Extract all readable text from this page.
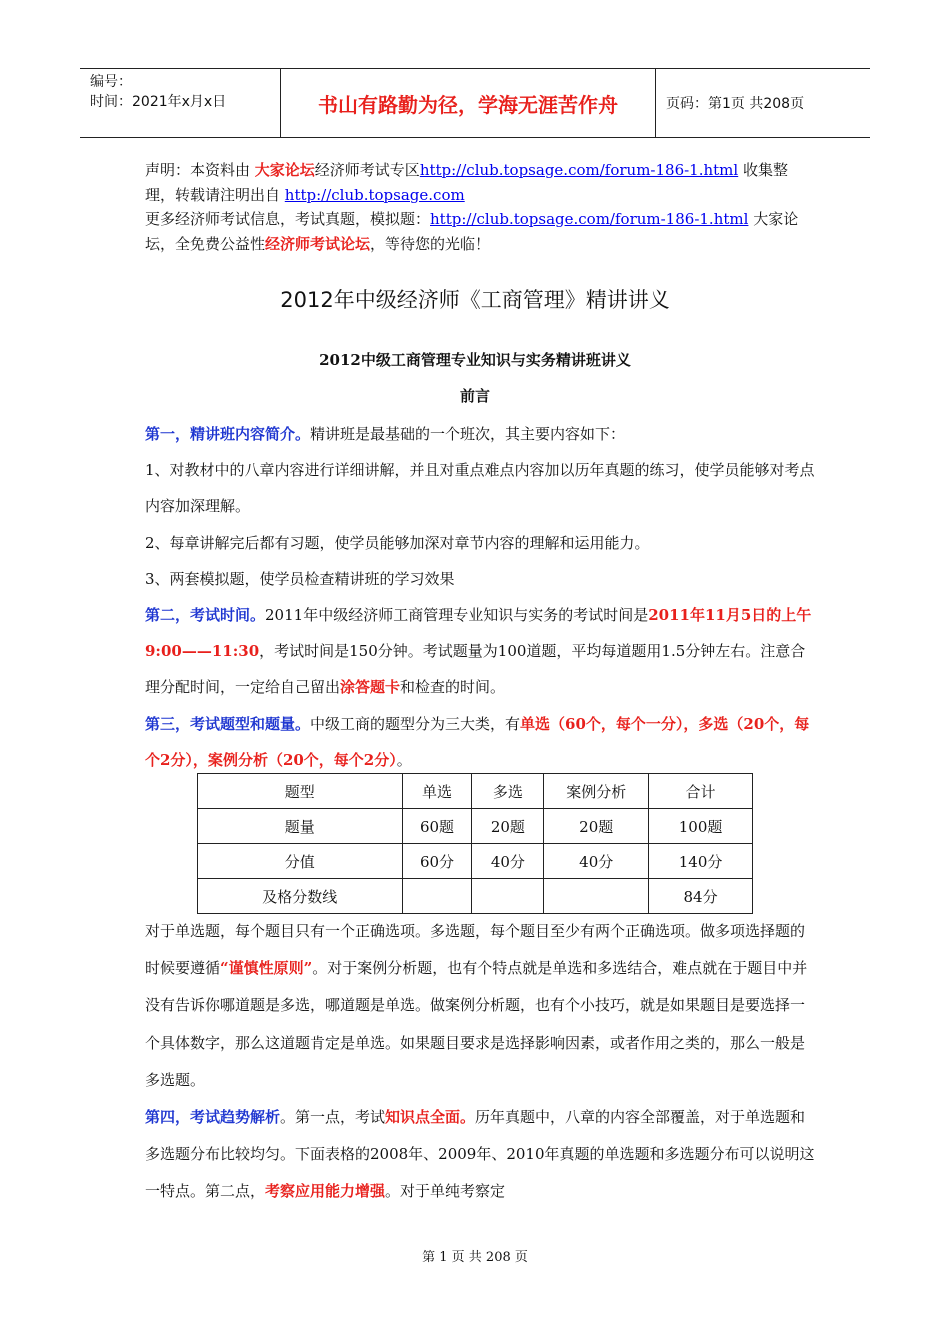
编号：
时间：2021年x月x日	书山有路勤为径，学海无涯苦作舟	页码：第1页 共208页
声明：本资料由 大家论坛经济师考试专区http://club.topsage.com/forum-186-1.html 收集整理，转载请注明出自 http://club.topsage.com
更多经济师考试信息，考试真题，模拟题：http://club.topsage.com/forum-186-1.html 大家论坛，全免费公益性经济师考试论坛，等待您的光临！
2012年中级经济师《工商管理》精讲讲义
2012中级工商管理专业知识与实务精讲班讲义
前言

第一，精讲班内容简介。精讲班是最基础的一个班次，其主要内容如下：

1、对教材中的八章内容进行详细讲解，并且对重点难点内容加以历年真题的练习，使学员能够对考点内容加深理解。

2、每章讲解完后都有习题，使学员能够加深对章节内容的理解和运用能力。

3、两套模拟题，使学员检查精讲班的学习效果

第二，考试时间。2011年中级经济师工商管理专业知识与实务的考试时间是2011年11月5日的上午9:00——11:30，考试时间是150分钟。考试题量为100道题，平均每道题用1.5分钟左右。注意合理分配时间，一定给自己留出涂答题卡和检查的时间。

第三，考试题型和题量。中级工商的题型分为三大类，有单选（60个，每个一分），多选（20个，每个2分），案例分析（20个，每个2分）。

题型	单选	多选	案例分析	合计
题量	60题	20题	20题	100题
分值	60分	40分	40分	140分
及格分数线				84分

对于单选题，每个题目只有一个正确选项。多选题，每个题目至少有两个正确选项。做多项选择题的时候要遵循“谨慎性原则”。对于案例分析题，也有个特点就是单选和多选结合，难点就在于题目中并没有告诉你哪道题是多选，哪道题是单选。做案例分析题，也有个小技巧，就是如果题目是要选择一个具体数字，那么这道题肯定是单选。如果题目要求是选择影响因素，或者作用之类的，那么一般是多选题。

第四，考试趋势解析。第一点，考试知识点全面。历年真题中，八章的内容全部覆盖，对于单选题和多选题分布比较均匀。下面表格的2008年、2009年、2010年真题的单选题和多选题分布可以说明这一特点。第二点，考察应用能力增强。对于单纯考察定

第 1 页 共 208 页
